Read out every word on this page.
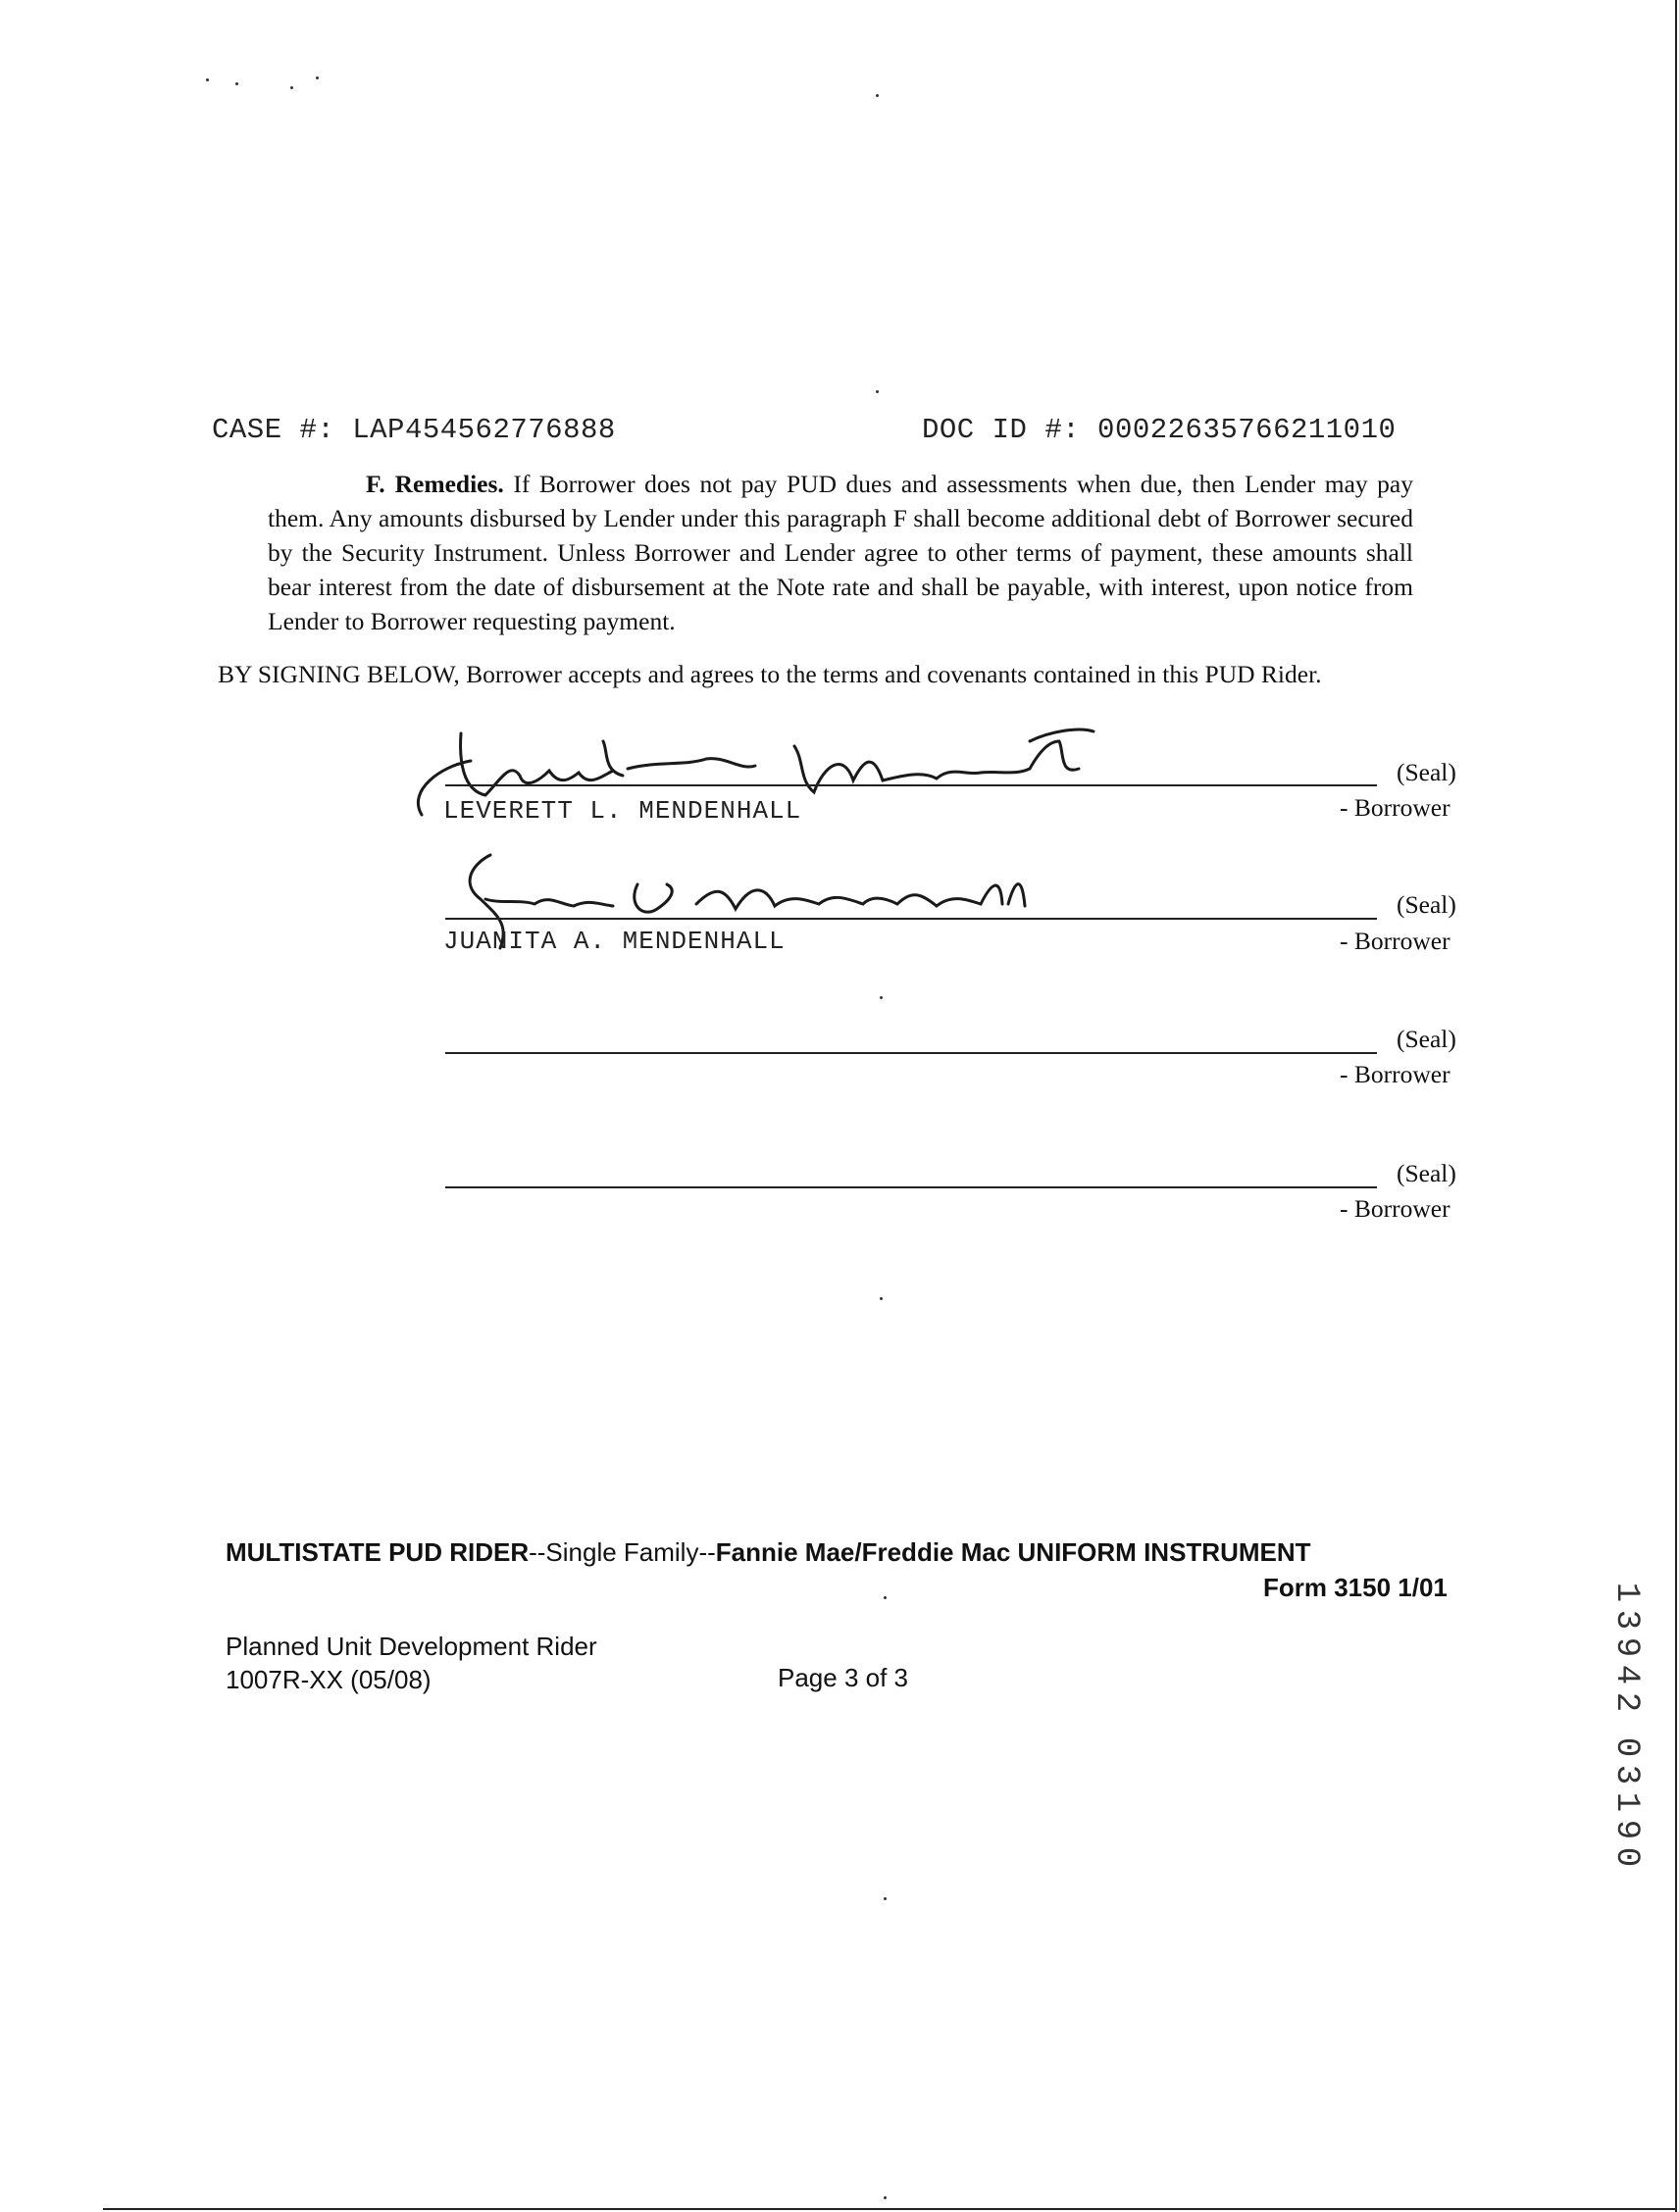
CASE #: LAP454562776888	DOC ID #: 00022635766211010
F. Remedies. If Borrower does not pay PUD dues and assessments when due, then Lender may pay them. Any amounts disbursed by Lender under this paragraph F shall become additional debt of Borrower secured by the Security Instrument. Unless Borrower and Lender agree to other terms of payment, these amounts shall bear interest from the date of disbursement at the Note rate and shall be payable, with interest, upon notice from Lender to Borrower requesting payment.
BY SIGNING BELOW, Borrower accepts and agrees to the terms and covenants contained in this PUD Rider.
(Seal)
LEVERETT L. MENDENHALL	- Borrower
(Seal)
JUANITA A. MENDENHALL	- Borrower
(Seal)
- Borrower
(Seal)
- Borrower
MULTISTATE PUD RIDER--Single Family--Fannie Mae/Freddie Mac UNIFORM INSTRUMENT
Form 3150 1/01
Planned Unit Development Rider
1007R-XX (05/08)	Page 3 of 3
1
3
9
4
2
0
3
1
9
0
